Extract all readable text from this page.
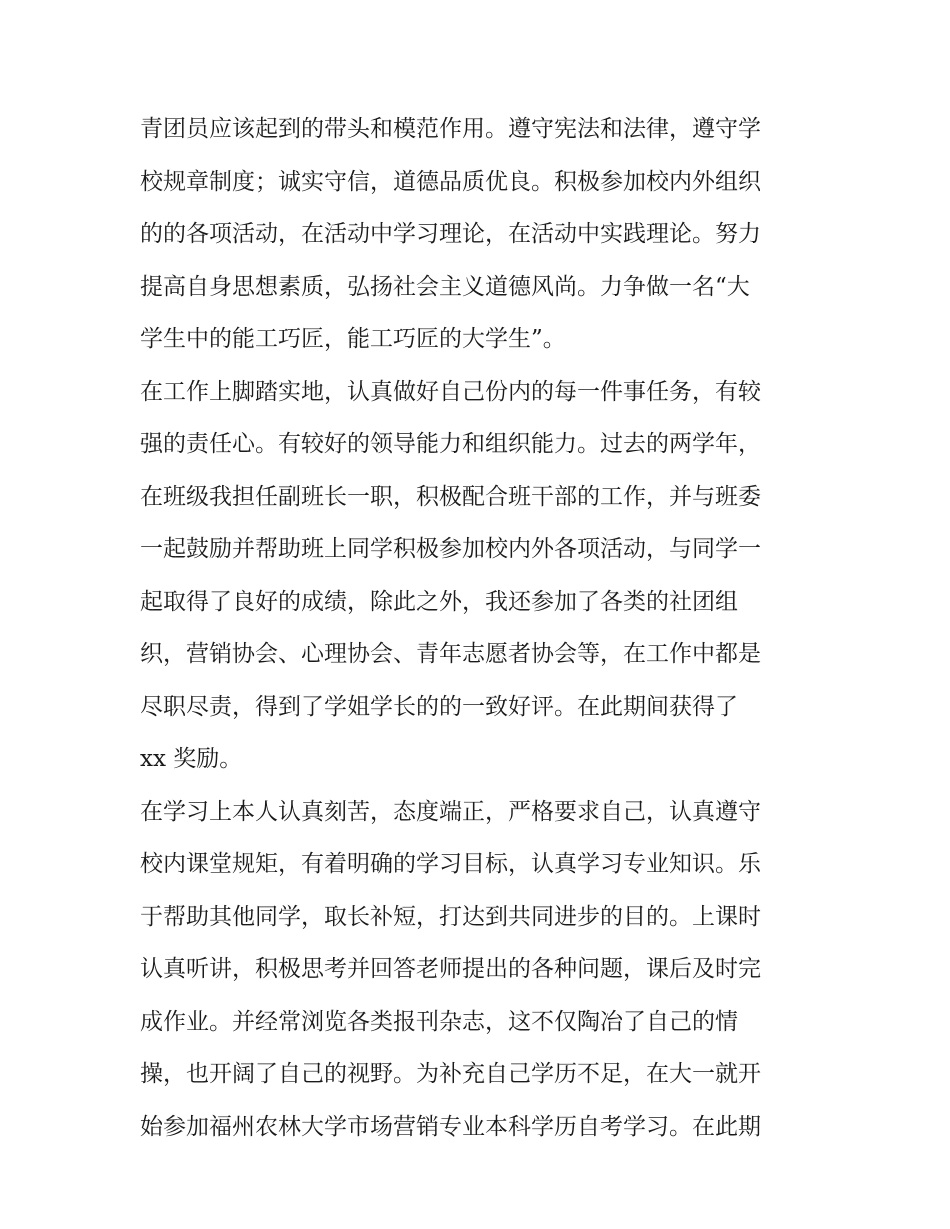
青团员应该起到的带头和模范作用。遵守宪法和法律，遵守学
校规章制度；诚实守信，道德品质优良。积极参加校内外组织
的的各项活动，在活动中学习理论，在活动中实践理论。努力
提高自身思想素质，弘扬社会主义道德风尚。力争做一名“大
学生中的能工巧匠，能工巧匠的大学生”。
在工作上脚踏实地，认真做好自己份内的每一件事任务，有较
强的责任心。有较好的领导能力和组织能力。过去的两学年，
在班级我担任副班长一职，积极配合班干部的工作，并与班委
一起鼓励并帮助班上同学积极参加校内外各项活动，与同学一
起取得了良好的成绩，除此之外，我还参加了各类的社团组
织，营销协会、心理协会、青年志愿者协会等，在工作中都是
尽职尽责，得到了学姐学长的的一致好评。在此期间获得了
xx 奖励。
在学习上本人认真刻苦，态度端正，严格要求自己，认真遵守
校内课堂规矩，有着明确的学习目标，认真学习专业知识。乐
于帮助其他同学，取长补短，打达到共同进步的目的。上课时
认真听讲，积极思考并回答老师提出的各种问题，课后及时完
成作业。并经常浏览各类报刊杂志，这不仅陶冶了自己的情
操，也开阔了自己的视野。为补充自己学历不足，在大一就开
始参加福州农林大学市场营销专业本科学历自考学习。在此期
